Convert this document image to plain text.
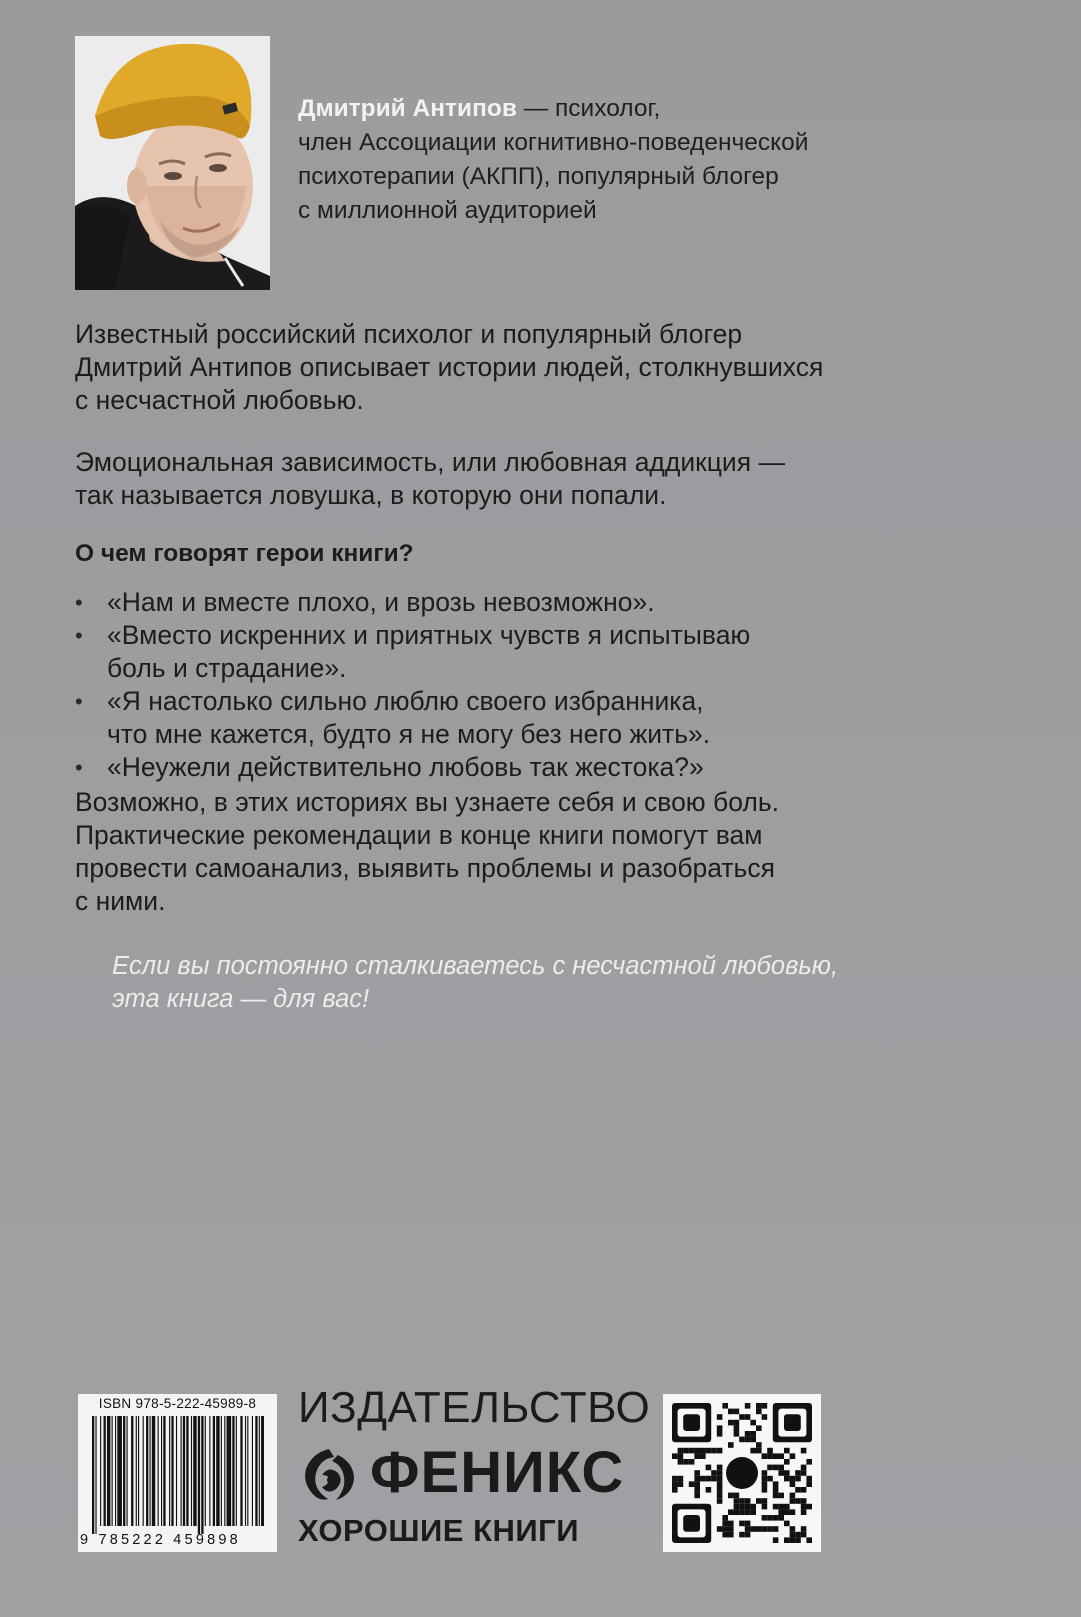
Дмитрий Антипов — психолог,
член Ассоциации когнитивно-поведенческой
психотерапии (АКПП), популярный блогер
с миллионной аудиторией
Известный российский психолог и популярный блогер
Дмитрий Антипов описывает истории людей, столкнувшихся
с несчастной любовью.
Эмоциональная зависимость, или любовная аддикция —
так называется ловушка, в которую они попали.
О чем говорят герои книги?
• «Нам и вместе плохо, и врозь невозможно».
• «Вместо искренних и приятных чувств я испытываю
боль и страдание».
• «Я настолько сильно люблю своего избранника,
что мне кажется, будто я не могу без него жить».
• «Неужели действительно любовь так жестока?»
Возможно, в этих историях вы узнаете себя и свою боль.
Практические рекомендации в конце книги помогут вам
провести самоанализ, выявить проблемы и разобраться
с ними.
Если вы постоянно сталкиваетесь с несчастной любовью,
эта книга — для вас!
ISBN 978-5-222-45989-8
9 785222 459898
ИЗДАТЕЛЬСТВО
ФЕНИКС
ХОРОШИЕ КНИГИ
